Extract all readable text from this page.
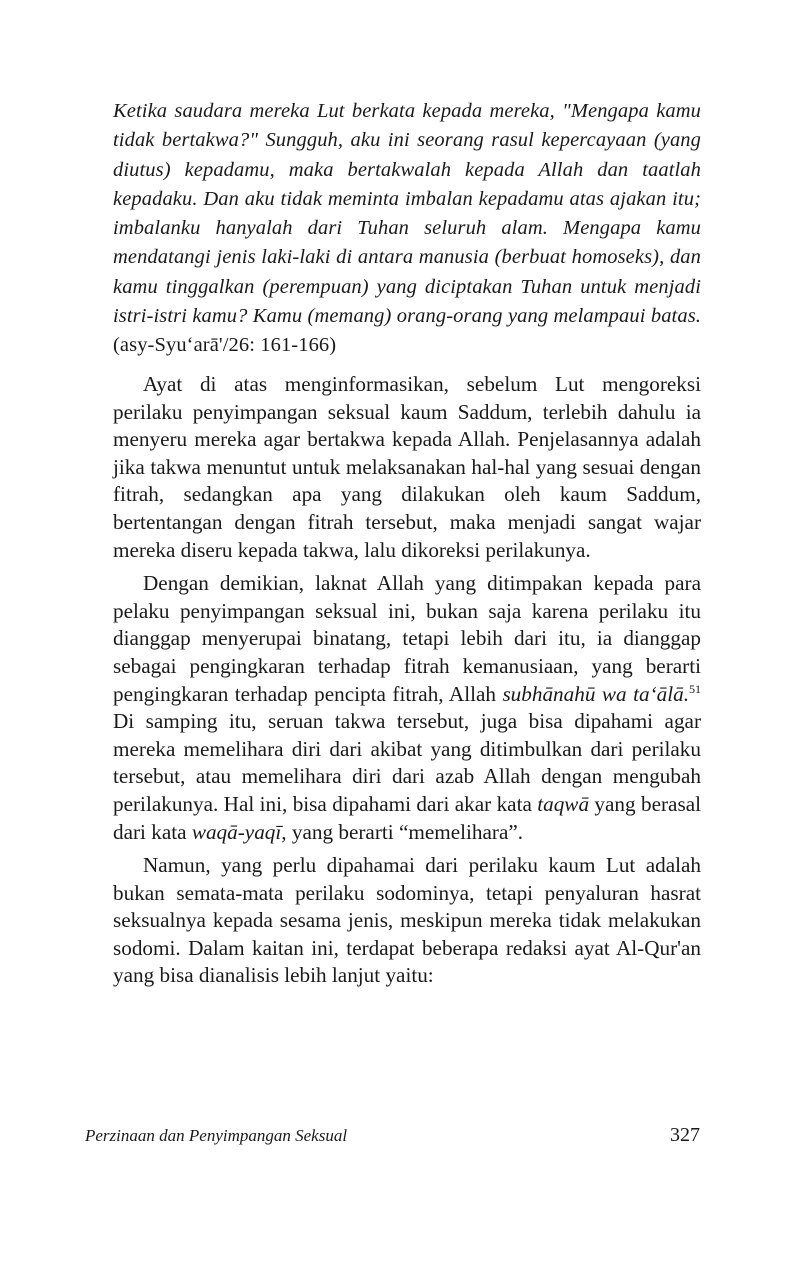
Ketika saudara mereka Lut berkata kepada mereka, "Mengapa kamu tidak bertakwa?" Sungguh, aku ini seorang rasul kepercayaan (yang diutus) kepadamu, maka bertakwalah kepada Allah dan taatlah kepadaku. Dan aku tidak meminta imbalan kepadamu atas ajakan itu; imbalanku hanyalah dari Tuhan seluruh alam. Mengapa kamu mendatangi jenis laki-laki di antara manusia (berbuat homoseks), dan kamu tinggalkan (perempuan) yang diciptakan Tuhan untuk menjadi istri-istri kamu? Kamu (memang) orang-orang yang melampaui batas.(asy-Syu‘arā'/26: 161-166)

Ayat di atas menginformasikan, sebelum Lut mengoreksi perilaku penyimpangan seksual kaum Saddum, terlebih dahulu ia menyeru mereka agar bertakwa kepada Allah. Penjelasannya adalah jika takwa menuntut untuk melaksanakan hal-hal yang sesuai dengan fitrah, sedangkan apa yang dilakukan oleh kaum Saddum, bertentangan dengan fitrah tersebut, maka menjadi sangat wajar mereka diseru kepada takwa, lalu dikoreksi perilakunya.

Dengan demikian, laknat Allah yang ditimpakan kepada para pelaku penyimpangan seksual ini, bukan saja karena perilaku itu dianggap menyerupai binatang, tetapi lebih dari itu, ia dianggap sebagai pengingkaran terhadap fitrah kemanusiaan, yang berarti pengingkaran terhadap pencipta fitrah, Allah subhānahū wa ta‘ālā.$^{51}$ Di samping itu, seruan takwa tersebut, juga bisa dipahami agar mereka memelihara diri dari akibat yang ditimbulkan dari perilaku tersebut, atau memelihara diri dari azab Allah dengan mengubah perilakunya. Hal ini, bisa dipahami dari akar kata taqwā yang berasal dari kata waqā-yaqī, yang berarti “memelihara”.

Namun, yang perlu dipahamai dari perilaku kaum Lut adalah bukan semata-mata perilaku sodominya, tetapi penyaluran hasrat seksualnya kepada sesama jenis, meskipun mereka tidak melakukan sodomi. Dalam kaitan ini, terdapat beberapa redaksi ayat Al-Qur'an yang bisa dianalisis lebih lanjut yaitu:

Perzinaan dan Penyimpangan Seksual	327
